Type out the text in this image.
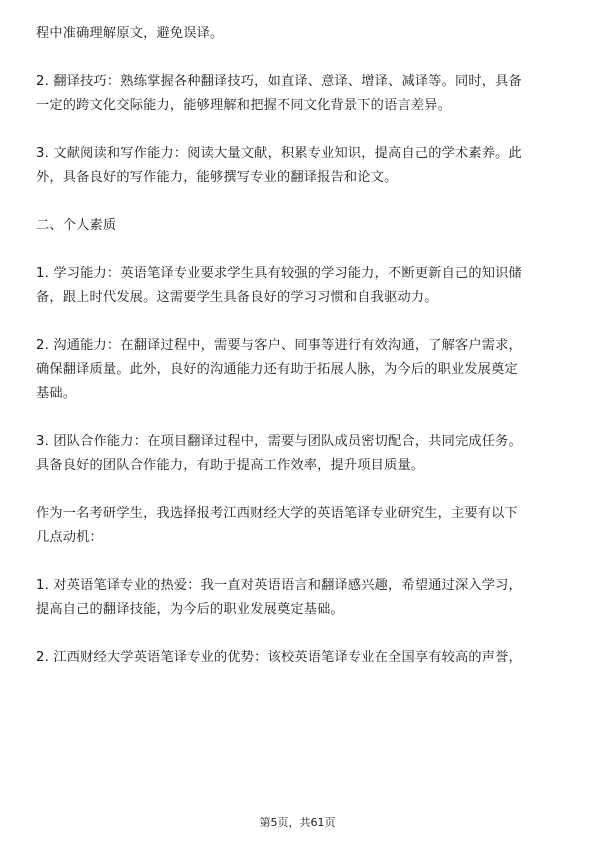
程中准确理解原文，避免误译。

2. 翻译技巧：熟练掌握各种翻译技巧，如直译、意译、增译、减译等。同时，具备
一定的跨文化交际能力，能够理解和把握不同文化背景下的语言差异。

3. 文献阅读和写作能力：阅读大量文献，积累专业知识，提高自己的学术素养。此
外，具备良好的写作能力，能够撰写专业的翻译报告和论文。

二、个人素质

1. 学习能力：英语笔译专业要求学生具有较强的学习能力，不断更新自己的知识储
备，跟上时代发展。这需要学生具备良好的学习习惯和自我驱动力。

2. 沟通能力：在翻译过程中，需要与客户、同事等进行有效沟通，了解客户需求，
确保翻译质量。此外，良好的沟通能力还有助于拓展人脉，为今后的职业发展奠定
基础。

3. 团队合作能力：在项目翻译过程中，需要与团队成员密切配合，共同完成任务。
具备良好的团队合作能力，有助于提高工作效率，提升项目质量。

作为一名考研学生，我选择报考江西财经大学的英语笔译专业研究生，主要有以下
几点动机：

1. 对英语笔译专业的热爱：我一直对英语语言和翻译感兴趣，希望通过深入学习，
提高自己的翻译技能，为今后的职业发展奠定基础。

2. 江西财经大学英语笔译专业的优势：该校英语笔译专业在全国享有较高的声誉，

第5页，共61页
